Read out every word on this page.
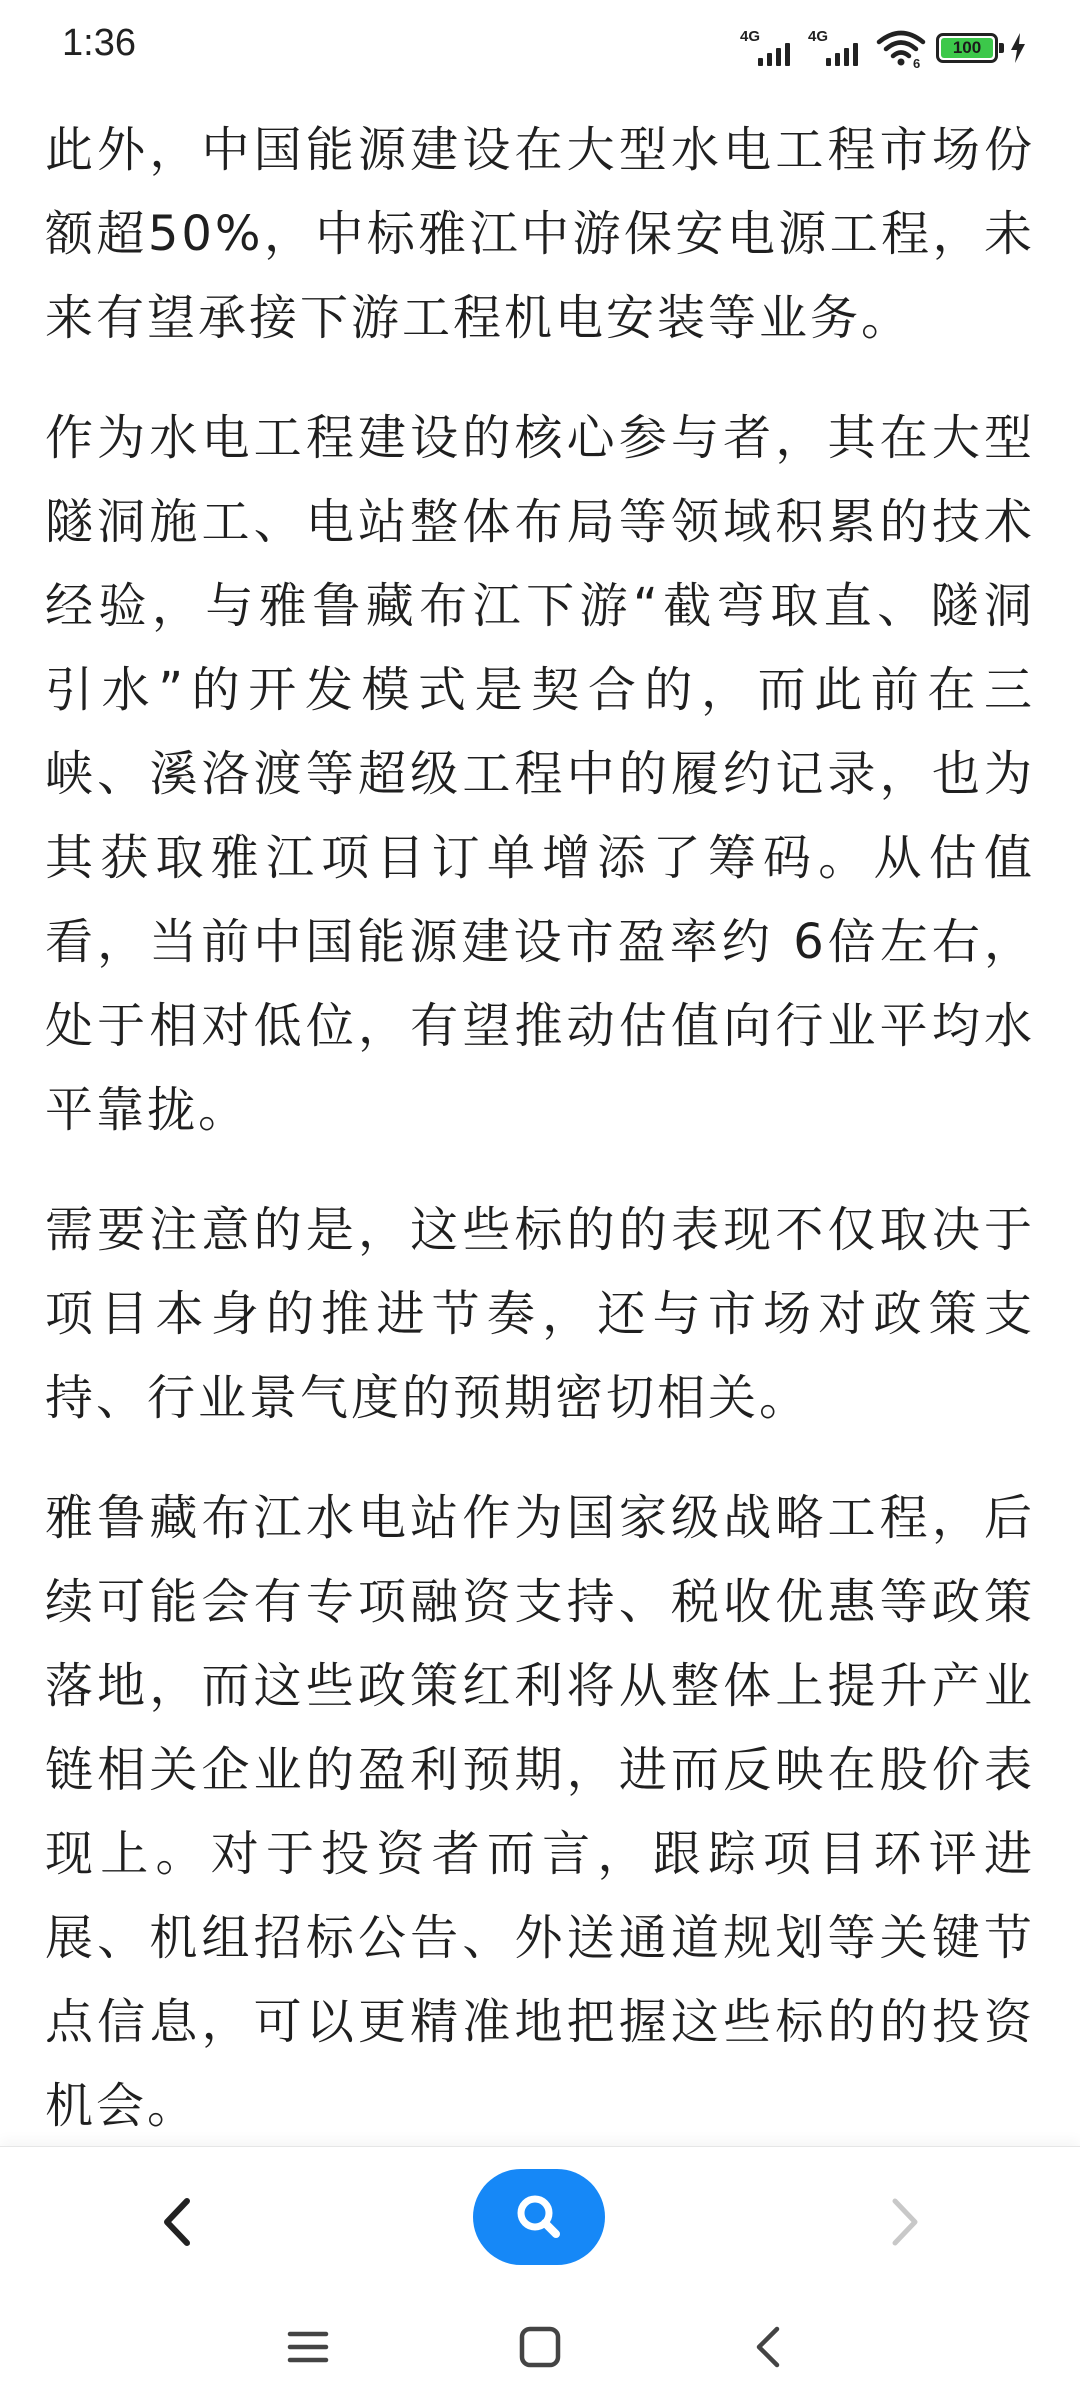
1:36	4G	4G
6
100

此外，中国能源建设在大型水电工程市场份额超50%，中标雅江中游保安电源工程，未来有望承接下游工程机电安装等业务。

作为水电工程建设的核心参与者，其在大型隧洞施工、电站整体布局等领域积累的技术经验，与雅鲁藏布江下游“截弯取直、隧洞引水”的开发模式是契合的，而此前在三峡、溪洛渡等超级工程中的履约记录，也为其获取雅江项目订单增添了筹码。从估值看，当前中国能源建设市盈率约 6倍左右，处于相对低位，有望推动估值向行业平均水平靠拢。

需要注意的是，这些标的的表现不仅取决于项目本身的推进节奏，还与市场对政策支持、行业景气度的预期密切相关。

雅鲁藏布江水电站作为国家级战略工程，后续可能会有专项融资支持、税收优惠等政策落地，而这些政策红利将从整体上提升产业链相关企业的盈利预期，进而反映在股价表现上。对于投资者而言，跟踪项目环评进展、机组招标公告、外送通道规划等关键节点信息，可以更精准地把握这些标的的投资机会。
